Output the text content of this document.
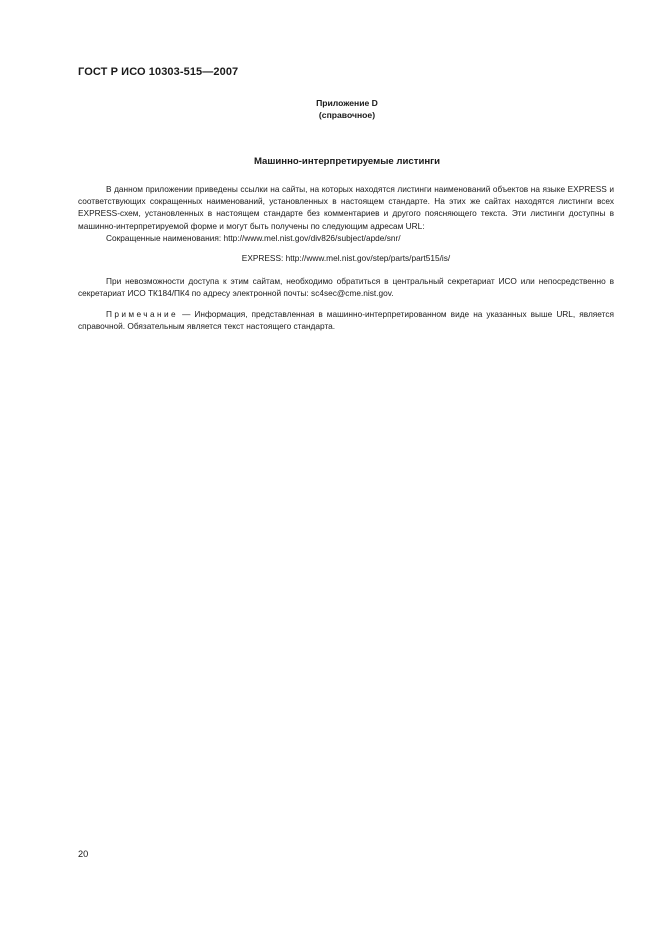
ГОСТ Р ИСО 10303-515—2007
Приложение D
(справочное)
Машинно-интерпретируемые листинги

В данном приложении приведены ссылки на сайты, на которых находятся листинги наименований объектов на языке EXPRESS и соответствующих сокращенных наименований, установленных в настоящем стандарте. На этих же сайтах находятся листинги всех EXPRESS-схем, установленных в настоящем стандарте без комментариев и другого поясняющего текста. Эти листинги доступны в машинно-интерпретируемой форме и могут быть получены по следующим адресам URL:

Сокращенные наименования: http://www.mel.nist.gov/div826/subject/apde/snr/

EXPRESS: http://www.mel.nist.gov/step/parts/part515/is/

При невозможности доступа к этим сайтам, необходимо обратиться в центральный секретариат ИСО или непосредственно в секретариат ИСО ТК184/ПК4 по адресу электронной почты: sc4sec@cme.nist.gov.

Примечание — Информация, представленная в машинно-интерпретированном виде на указанных выше URL, является справочной. Обязательным является текст настоящего стандарта.

20
